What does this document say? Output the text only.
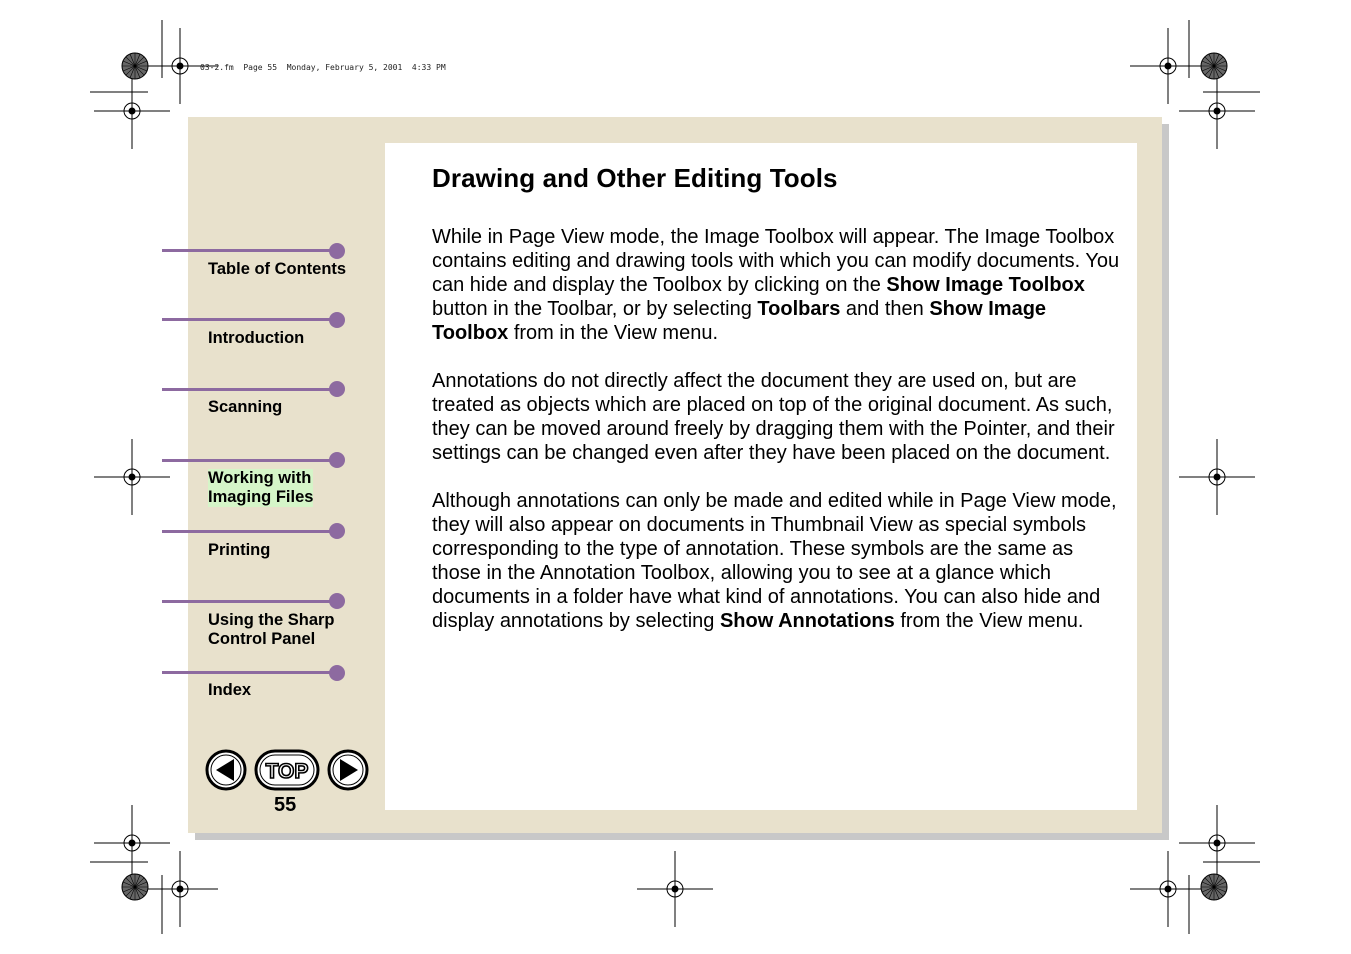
03-2.fm  Page 55  Monday, February 5, 2001  4:33 PM
Drawing and Other Editing Tools

While in Page View mode, the Image Toolbox will appear. The Image Toolbox contains editing and drawing tools with which you can modify documents. You can hide and display the Toolbox by clicking on the Show Image Toolbox button in the Toolbar, or by selecting Toolbars and then Show Image Toolbox from in the View menu.

Annotations do not directly affect the document they are used on, but are treated as objects which are placed on top of the original document. As such, they can be moved around freely by dragging them with the Pointer, and their settings can be changed even after they have been placed on the document.

Although annotations can only be made and edited while in Page View mode, they will also appear on documents in Thumbnail View as special symbols corresponding to the type of annotation. These symbols are the same as those in the Annotation Toolbox, allowing you to see at a glance which documents in a folder have what kind of annotations. You can also hide and display annotations by selecting Show Annotations from the View menu.

Table of Contents
Introduction
Scanning
Working with
Imaging Files
Printing
Using the Sharp
Control Panel
Index
TOP
55
